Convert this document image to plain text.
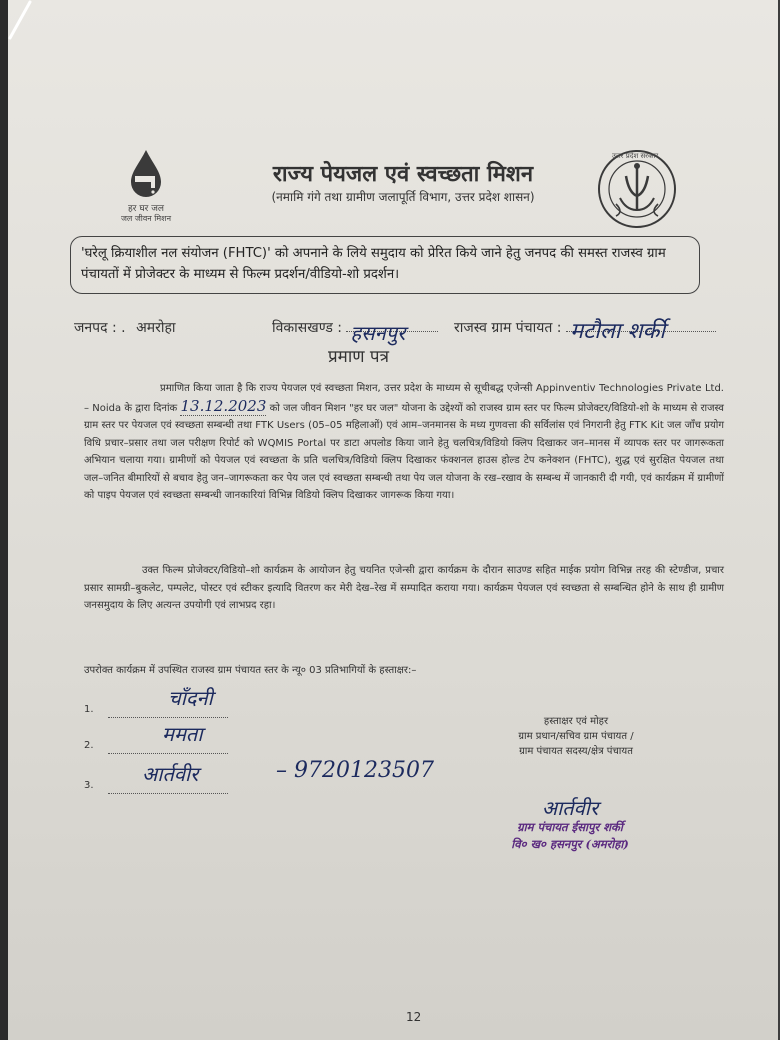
हर घर जल
जल जीवन मिशन
उत्तर प्रदेश सरकार
राज्य पेयजल एवं स्वच्छता मिशन
(नमामि गंगे तथा ग्रामीण जलापूर्ति विभाग, उत्तर प्रदेश शासन)
'घरेलू क्रियाशील नल संयोजन (FHTC)' को अपनाने के लिये समुदाय को प्रेरित किये जाने हेतु जनपद की समस्त राजस्व ग्राम पंचायतों में प्रोजेक्टर के माध्यम से फिल्म प्रदर्शन/वीडियो-शो प्रदर्शन।
जनपद : . अमरोहा	विकासखण्ड : हसनपुर	राजस्व ग्राम पंचायत : मटौला शर्की
प्रमाण पत्र
प्रमाणित किया जाता है कि राज्य पेयजल एवं स्वच्छता मिशन, उत्तर प्रदेश के माध्यम से सूचीबद्ध एजेन्सी Appinventiv Technologies Private Ltd. – Noida के द्वारा दिनांक 13.12.2023 को जल जीवन मिशन "हर घर जल" योजना के उद्देश्यों को राजस्व ग्राम स्तर पर फिल्म प्रोजेक्टर/विडियो-शो के माध्यम से राजस्व ग्राम स्तर पर पेयजल एवं स्वच्छता सम्बन्धी तथा FTK Users (05–05 महिलाओं) एवं आम–जनमानस के मध्य गुणवत्ता की सर्विलांस एवं निगरानी हेतु FTK Kit जल जाँच प्रयोग विधि प्रचार–प्रसार तथा जल परीक्षण रिपोर्ट को WQMIS Portal पर डाटा अपलोड किया जाने हेतु चलचित्र/विडियो क्लिप दिखाकर जन–मानस में व्यापक स्तर पर जागरूकता अभियान चलाया गया। ग्रामीणों को पेयजल एवं स्वच्छता के प्रति चलचित्र/विडियो क्लिप दिखाकर फंक्शनल हाउस होल्ड टेप कनेक्शन (FHTC), शुद्ध एवं सुरक्षित पेयजल तथा जल–जनित बीमारियों से बचाव हेतु जन–जागरूकता कर पेय जल एवं स्वच्छता सम्बन्धी तथा पेय जल योजना के रख–रखाव के सम्बन्ध में जानकारी दी गयी, एवं कार्यक्रम में ग्रामीणों को पाइप पेयजल एवं स्वच्छता सम्बन्धी जानकारियां विभिन्न विडियो क्लिप दिखाकर जागरूक किया गया।
उक्त फिल्म प्रोजेक्टर/विडियो–शो कार्यक्रम के आयोजन हेतु चयनित एजेन्सी द्वारा कार्यक्रम के दौरान साउण्ड सहित माईक प्रयोग विभिन्न तरह की स्टेण्डीज, प्रचार प्रसार सामग्री–बुकलेट, पम्पलेट, पोस्टर एवं स्टीकर इत्यादि वितरण कर मेरी देख–रेख में सम्पादित कराया गया। कार्यक्रम पेयजल एवं स्वच्छता से सम्बन्धित होने के साथ ही ग्रामीण जनसमुदाय के लिए अत्यन्त उपयोगी एवं लाभप्रद रहा।
उपरोक्त कार्यक्रम में उपस्थित राजस्व ग्राम पंचायत स्तर के न्यू० 03 प्रतिभागियों के हस्ताक्षर:–
1.	चाँदनी
2.	ममता
3. आर्तवीर	– 9720123507
हस्ताक्षर एवं मोहर
ग्राम प्रधान/सचिव ग्राम पंचायत /
ग्राम पंचायत सदस्य/क्षेत्र पंचायत
आर्तवीर
ग्राम पंचायत ईसापुर शर्की
वि० ख० हसनपुर (अमरोहा)
12
